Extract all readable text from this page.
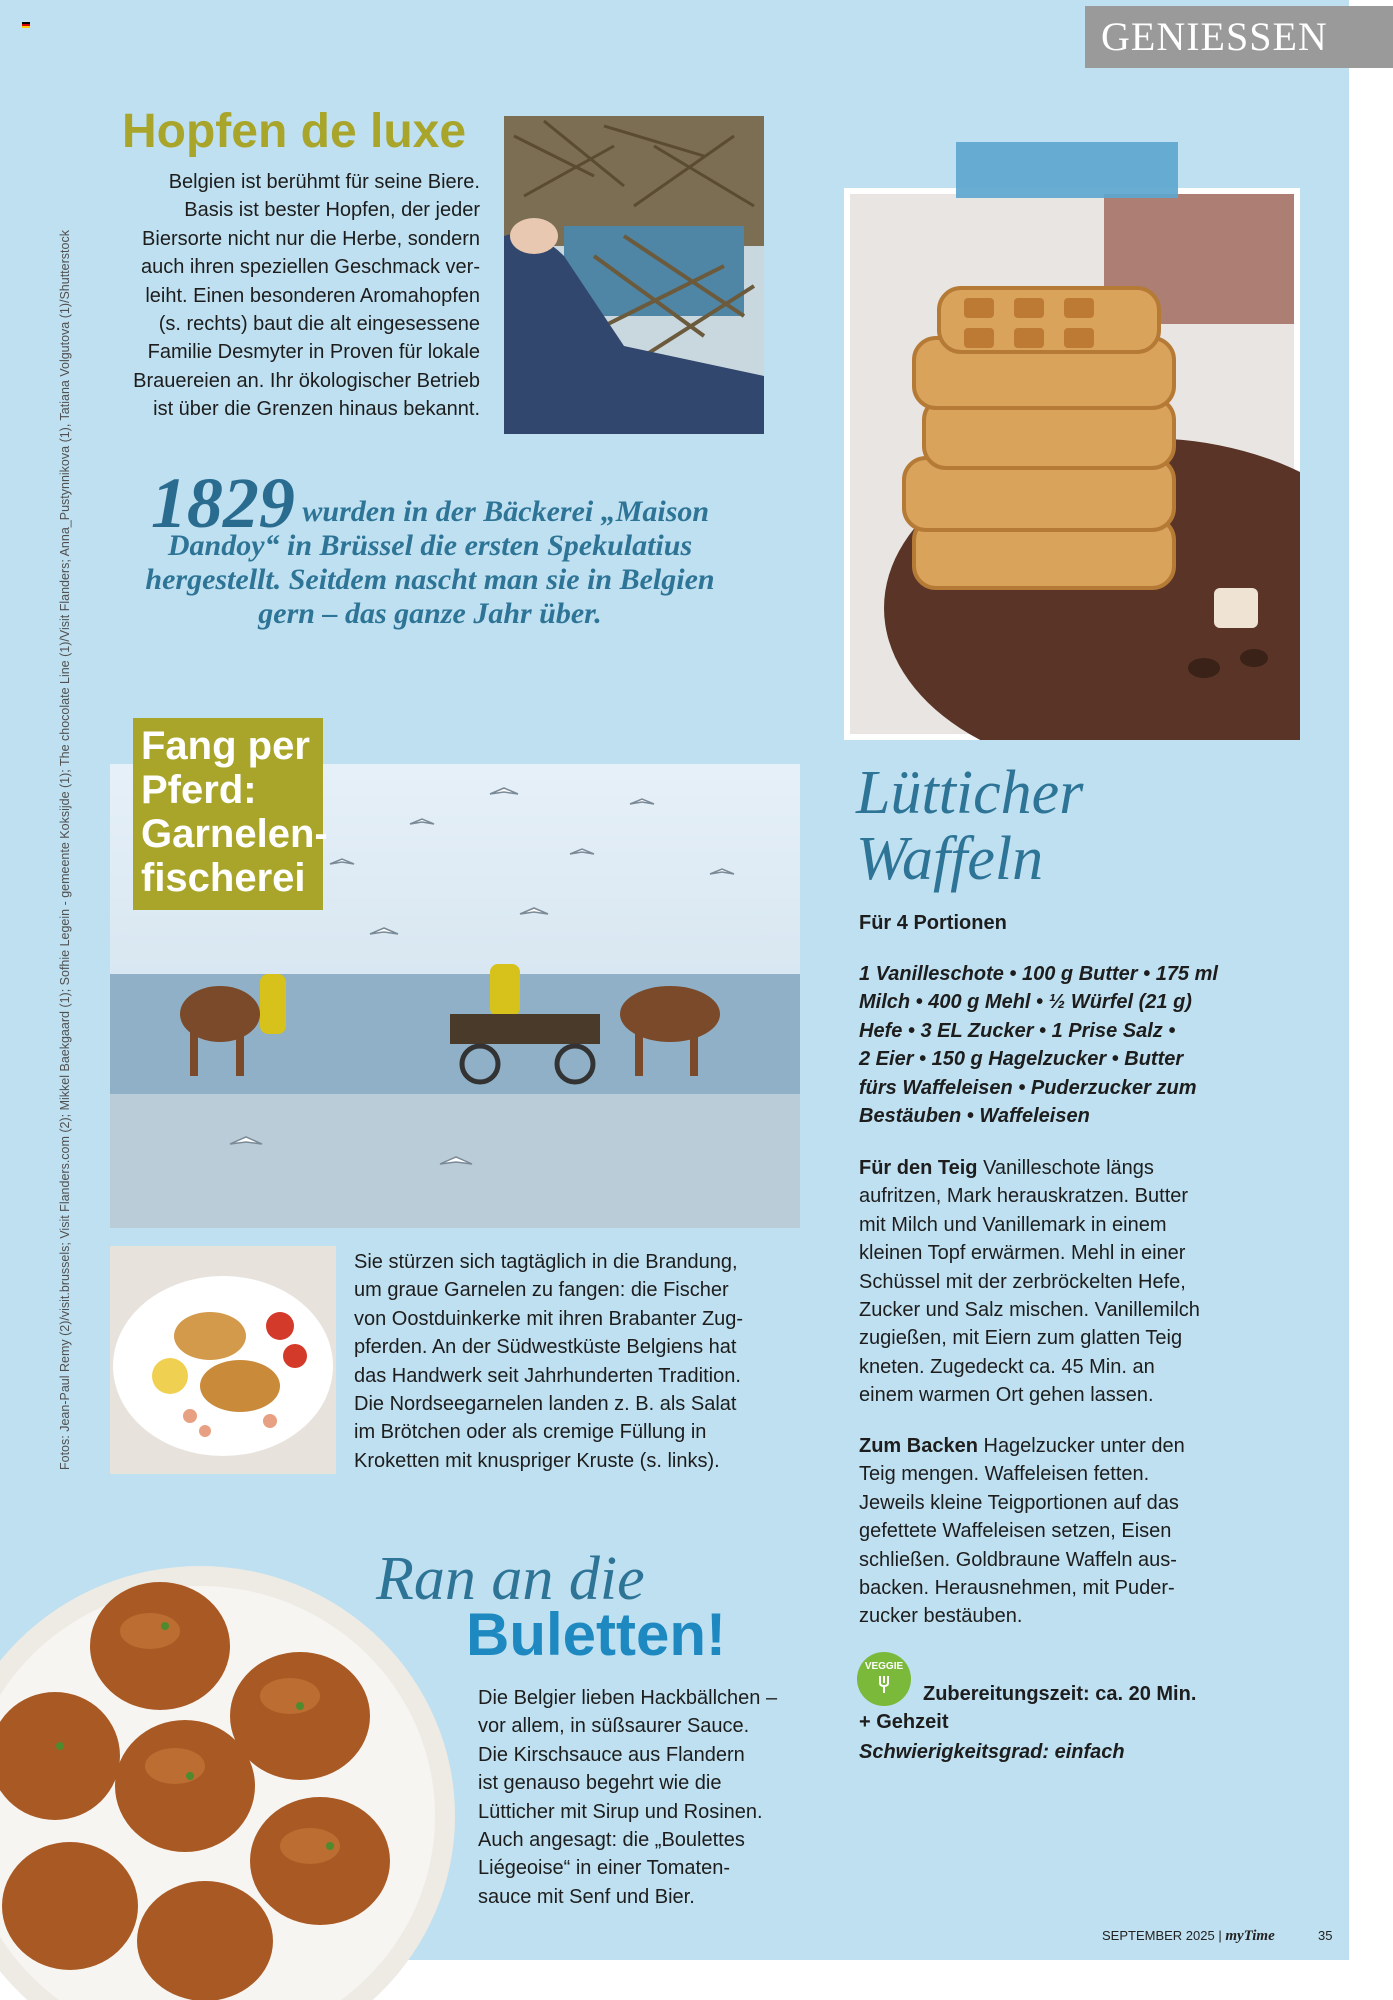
GENIESSEN
Fotos: Jean-Paul Remy (2)/visit.brussels; Visit Flanders.com (2); Mikkel Baekgaard (1); Sofhie Legein - gemeente Koksijde (1); The chocolate Line (1)/Visit Flanders; Anna_Pustynnikova (1), Tatiana Volgutova (1)/Shutterstock
Hopfen de luxe
Belgien ist berühmt für seine Biere.
Basis ist bester Hopfen, der jeder
Biersorte nicht nur die Herbe, sondern
auch ihren speziellen Geschmack ver-
leiht. Einen besonderen Aromahopfen
(s. rechts) baut die alt eingesessene
Familie Desmyter in Proven für lokale
Brauereien an. Ihr ökologischer Betrieb
ist über die Grenzen hinaus bekannt.
1829 wurden in der Bäckerei „Maison
Dandoy“ in Brüssel die ersten Spekulatius
hergestellt. Seitdem nascht man sie in Belgien
gern – das ganze Jahr über.
Fang per
Pferd:
Garnelen-
fischerei
Sie stürzen sich tagtäglich in die Brandung,
um graue Garnelen zu fangen: die Fischer
von Oostduinkerke mit ihren Brabanter Zug-
pferden. An der Südwestküste Belgiens hat
das Handwerk seit Jahrhunderten Tradition.
Die Nordseegarnelen landen z. B. als Salat
im Brötchen oder als cremige Füllung in
Kroketten mit knuspriger Kruste (s. links).
Ran an die
Buletten!
Die Belgier lieben Hackbällchen –
vor allem, in süßsaurer Sauce.
Die Kirschsauce aus Flandern
ist genauso begehrt wie die
Lütticher mit Sirup und Rosinen.
Auch angesagt: die „Boulettes
Liégeoise“ in einer Tomaten-
sauce mit Senf und Bier.
Lütticher
Waffeln
Für 4 Portionen
1 Vanilleschote • 100 g Butter • 175 ml
Milch • 400 g Mehl • ½ Würfel (21 g)
Hefe • 3 EL Zucker • 1 Prise Salz •
2 Eier • 150 g Hagelzucker • Butter
fürs Waffeleisen • Puderzucker zum
Bestäuben • Waffeleisen
Für den Teig Vanilleschote längs
aufritzen, Mark herauskratzen. Butter
mit Milch und Vanillemark in einem
kleinen Topf erwärmen. Mehl in einer
Schüssel mit der zerbröckelten Hefe,
Zucker und Salz mischen. Vanillemilch
zugießen, mit Eiern zum glatten Teig
kneten. Zugedeckt ca. 45 Min. an
einem warmen Ort gehen lassen.
Zum Backen Hagelzucker unter den
Teig mengen. Waffeleisen fetten.
Jeweils kleine Teigportionen auf das
gefettete Waffeleisen setzen, Eisen
schließen. Goldbraune Waffeln aus-
backen. Herausnehmen, mit Puder-
zucker bestäuben.
VEGGIE
Zubereitungszeit: ca. 20 Min.
+ Gehzeit
Schwierigkeitsgrad: einfach
SEPTEMBER 2025 | myTime	35
